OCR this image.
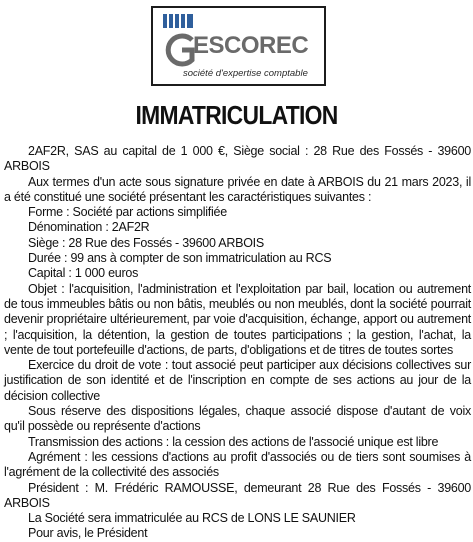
ESCOREC
société d'expertise comptable
IMMATRICULATION

2AF2R, SAS au capital de 1 000 €, Siège social : 28 Rue des Fossés - 39600 ARBOIS

Aux termes d'un acte sous signature privée en date à ARBOIS du 21 mars 2023, il a été constitué une société présentant les caractéristiques suivantes :

Forme : Société par actions simplifiée

Dénomination : 2AF2R

Siège : 28 Rue des Fossés - 39600 ARBOIS

Durée : 99 ans à compter de son immatriculation au RCS

Capital : 1 000 euros

Objet : l'acquisition, l'administration et l'exploitation par bail, location ou autrement de tous immeubles bâtis ou non bâtis, meublés ou non meublés, dont la société pourrait devenir propriétaire ultérieurement, par voie d'acquisition, échange, apport ou autrement ; l'acquisition, la détention, la gestion de toutes participations ; la gestion, l'achat, la vente de tout portefeuille d'actions, de parts, d'obligations et de titres de toutes sortes

Exercice du droit de vote : tout associé peut participer aux décisions collectives sur justification de son identité et de l'inscription en compte de ses actions au jour de la décision collective

Sous réserve des dispositions légales, chaque associé dispose d'autant de voix qu'il possède ou représente d'actions

Transmission des actions : la cession des actions de l'associé unique est libre

Agrément : les cessions d'actions au profit d'associés ou de tiers sont soumises à l'agrément de la collectivité des associés

Président : M. Frédéric RAMOUSSE, demeurant 28 Rue des Fossés - 39600 ARBOIS

La Société sera immatriculée au RCS de LONS LE SAUNIER

Pour avis, le Président
